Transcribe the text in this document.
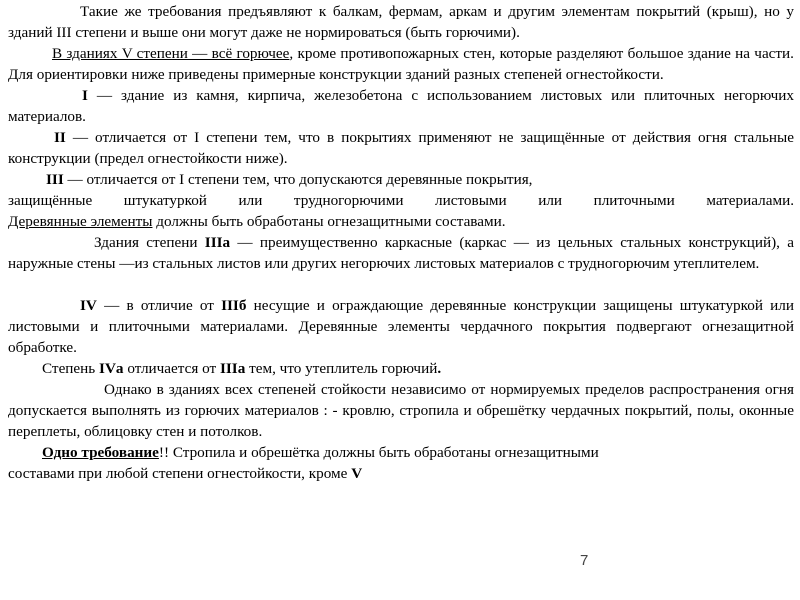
Такие же требования предъявляют к балкам, фермам, аркам и другим элементам покрытий (крыш), но у зданий III степени и выше они могут даже не нормироваться (быть горючими).

В зданиях V степени — всё горючее, кроме противопожарных стен, которые разделяют большое здание на части. Для ориентировки ниже приведены примерные конструкции зданий разных степеней огнестойкости.

I — здание из камня, кирпича, железобетона с использованием листовых или плиточных негорючих материалов.

II — отличается от I степени тем, что в покрытиях применяют не защищённые от действия огня стальные конструкции (предел огнестойкости ниже).

III — отличается от I степени тем, что допускаются деревянные покрытия,

защищённые штукатуркой или трудногорючими листовыми или плиточными материалами.

Деревянные элементы должны быть обработаны огнезащитными составами.

Здания степени IIIа — преимущественно каркасные (каркас — из цельных стальных конструкций), а наружные стены —из стальных листов или других негорючих листовых материалов с трудногорючим утеплителем.

IV — в отличие от IIIб несущие и ограждающие деревянные конструкции защищены штукатуркой или листовыми и плиточными материалами. Деревянные элементы чердачного покрытия подвергают огнезащитной обработке.

Степень IVа отличается от IIIа тем, что утеплитель горючий.

Однако в зданиях всех степеней стойкости независимо от нормируемых пределов распространения огня допускается выполнять из горючих материалов : - кровлю, стропила и обрешётку чердачных покрытий, полы, оконные переплеты, облицовку стен и потолков.

Одно требование!! Стропила и обрешётка должны быть обработаны огнезащитными

составами при любой степени огнестойкости, кроме V

7
